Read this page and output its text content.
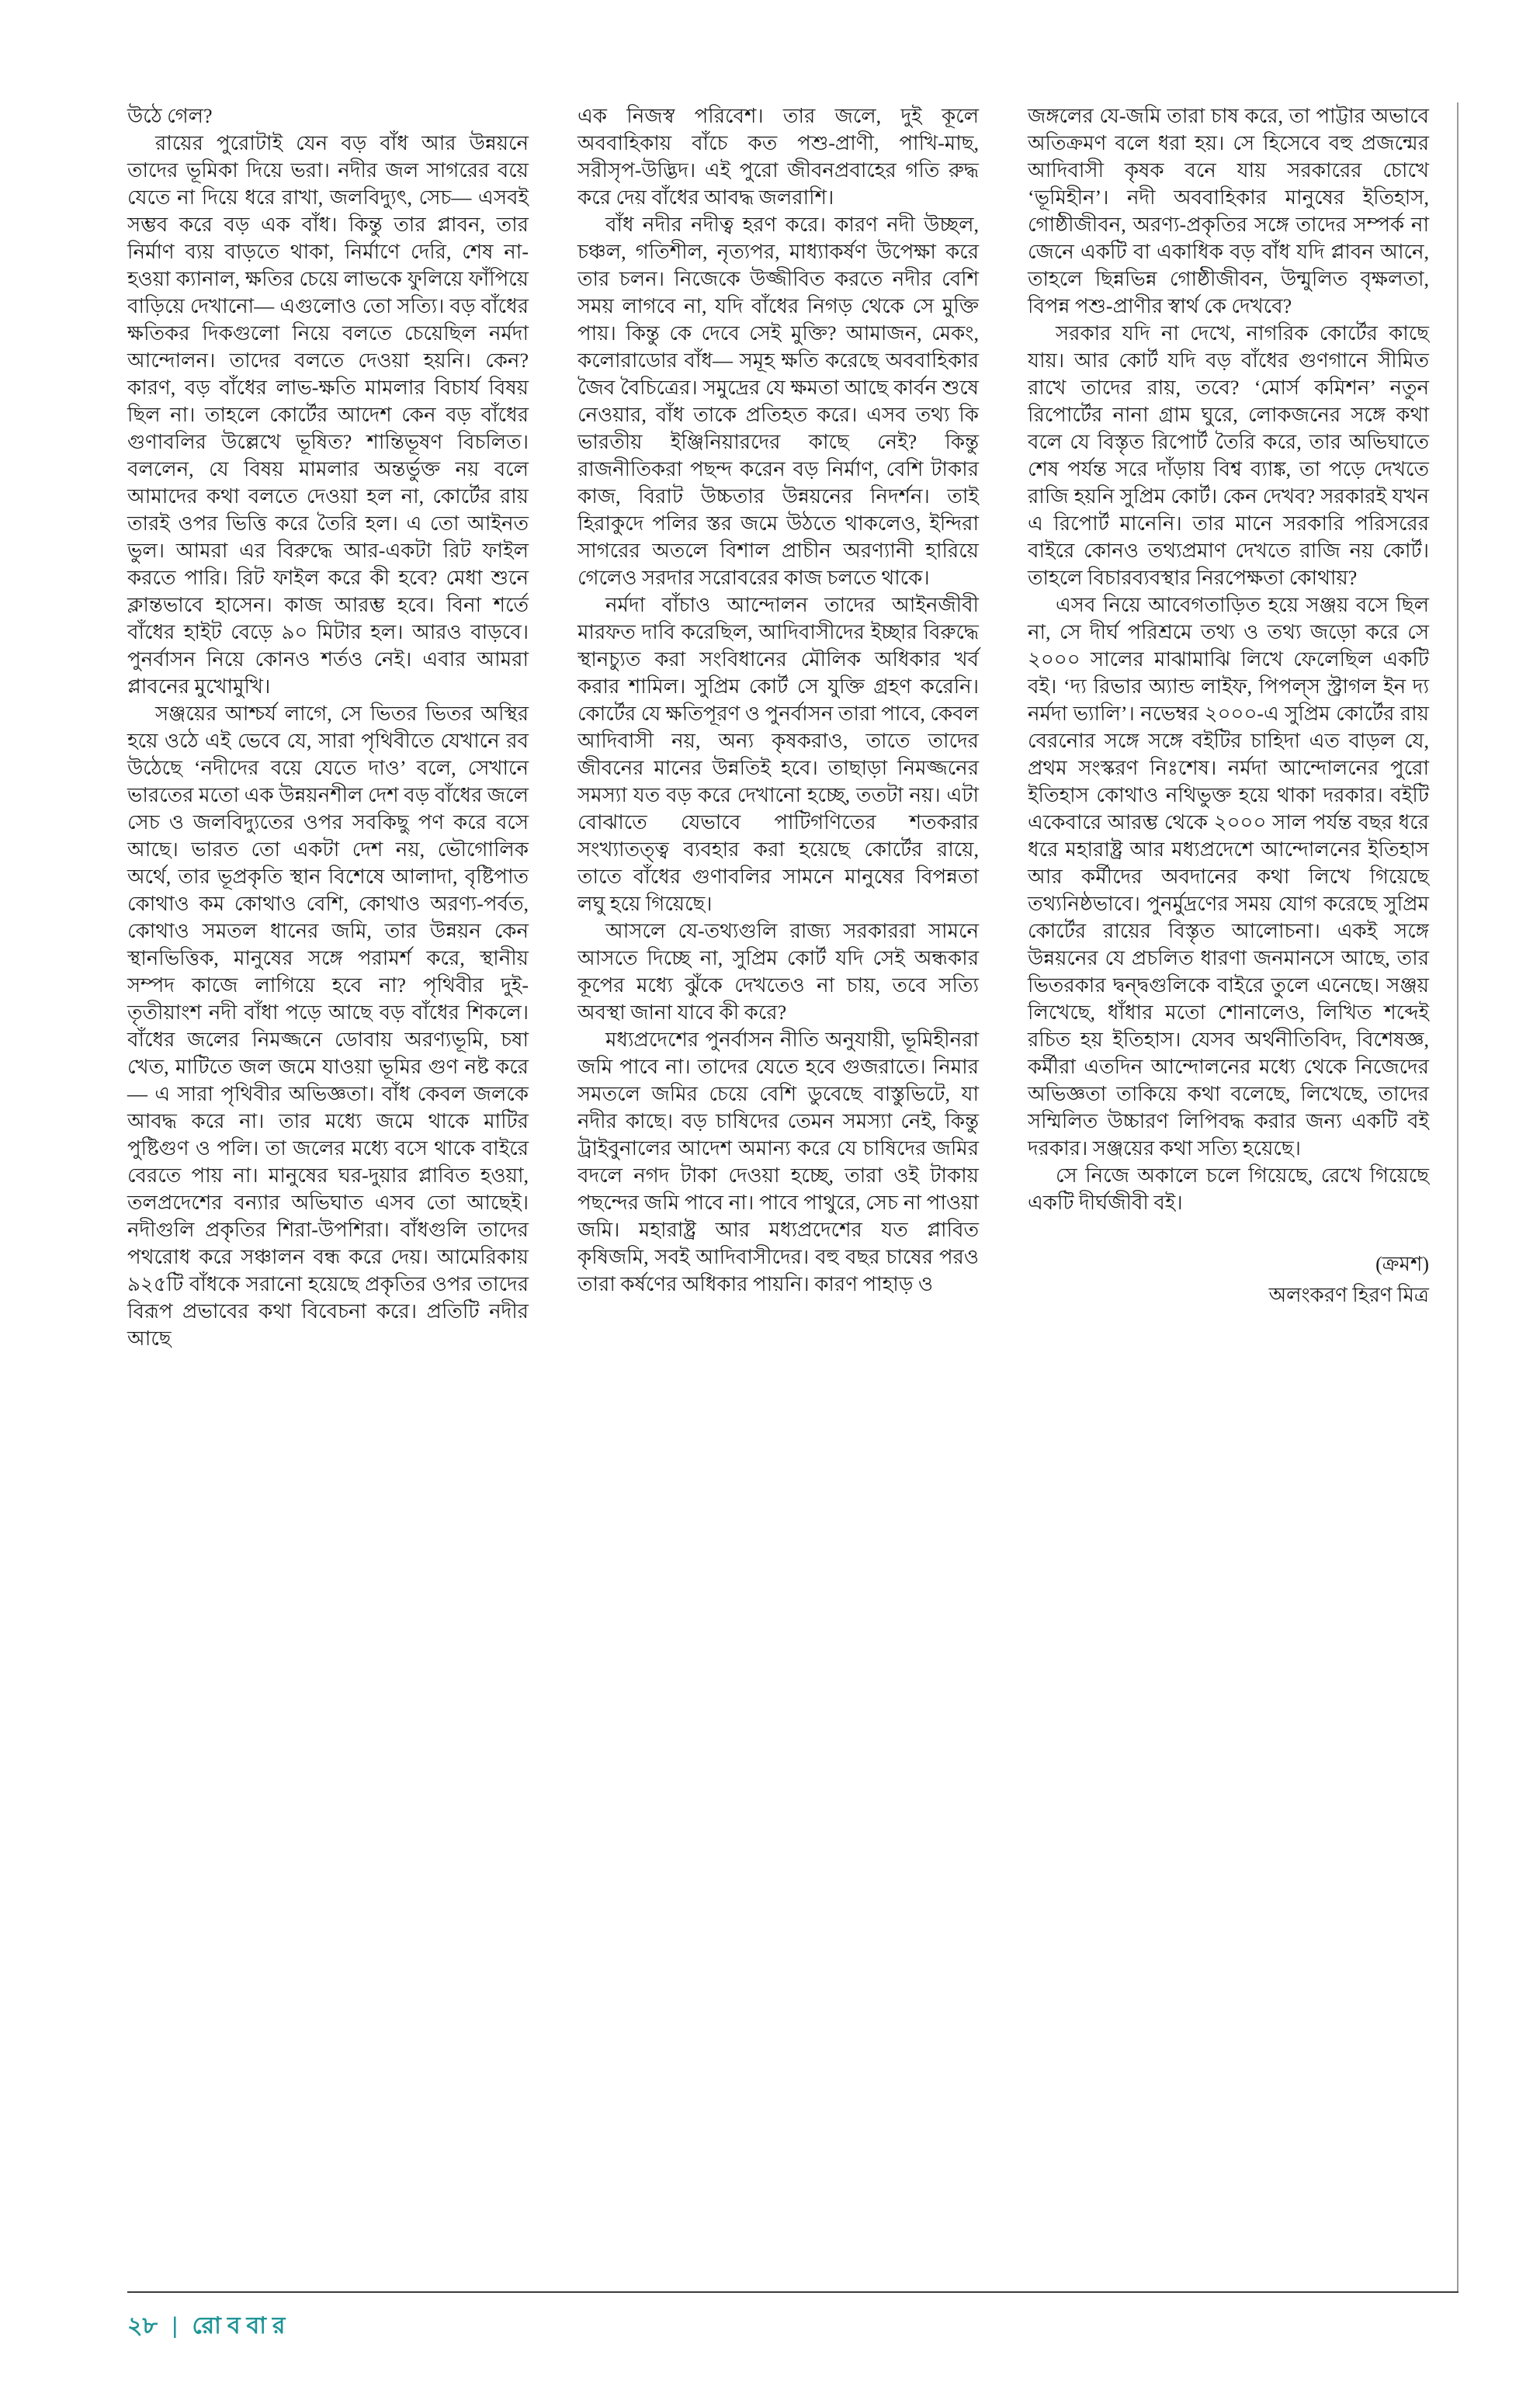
উঠে গেল?

রায়ের পুরোটাই যেন বড় বাঁধ আর উন্নয়নে তাদের ভূমিকা দিয়ে ভরা। নদীর জল সাগরের বয়ে যেতে না দিয়ে ধরে রাখা, জলবিদ্যুৎ, সেচ— এসবই সম্ভব করে বড় এক বাঁধ। কিন্তু তার প্লাবন, তার নির্মাণ ব্যয় বাড়তে থাকা, নির্মাণে দেরি, শেষ না-হওয়া ক্যানাল, ক্ষতির চেয়ে লাভকে ফুলিয়ে ফাঁপিয়ে বাড়িয়ে দেখানো— এগুলোও তো সত্যি। বড় বাঁধের ক্ষতিকর দিকগুলো নিয়ে বলতে চেয়েছিল নর্মদা আন্দোলন। তাদের বলতে দেওয়া হয়নি। কেন? কারণ, বড় বাঁধের লাভ-ক্ষতি মামলার বিচার্য বিষয় ছিল না। তাহলে কোর্টের আদেশ কেন বড় বাঁধের গুণাবলির উল্লেখে ভূষিত? শান্তিভূষণ বিচলিত। বললেন, যে বিষয় মামলার অন্তর্ভুক্ত নয় বলে আমাদের কথা বলতে দেওয়া হল না, কোর্টের রায় তারই ওপর ভিত্তি করে তৈরি হল। এ তো আইনত ভুল। আমরা এর বিরুদ্ধে আর-একটা রিট ফাইল করতে পারি। রিট ফাইল করে কী হবে? মেধা শুনে ক্লান্তভাবে হাসেন। কাজ আরম্ভ হবে। বিনা শর্তে বাঁধের হাইট বেড়ে ৯০ মিটার হল। আরও বাড়বে। পুনর্বাসন নিয়ে কোনও শর্তও নেই। এবার আমরা প্লাবনের মুখোমুখি।

সঞ্জয়ের আশ্চর্য লাগে, সে ভিতর ভিতর অস্থির হয়ে ওঠে এই ভেবে যে, সারা পৃথিবীতে যেখানে রব উঠেছে ‘নদীদের বয়ে যেতে দাও’ বলে, সেখানে ভারতের মতো এক উন্নয়নশীল দেশ বড় বাঁধের জলে সেচ ও জলবিদ্যুতের ওপর সবকিছু পণ করে বসে আছে। ভারত তো একটা দেশ নয়, ভৌগোলিক অর্থে, তার ভূপ্রকৃতি স্থান বিশেষে আলাদা, বৃষ্টিপাত কোথাও কম কোথাও বেশি, কোথাও অরণ্য-পর্বত, কোথাও সমতল ধানের জমি, তার উন্নয়ন কেন স্থানভিত্তিক, মানুষের সঙ্গে পরামর্শ করে, স্থানীয় সম্পদ কাজে লাগিয়ে হবে না? পৃথিবীর দুই-তৃতীয়াংশ নদী বাঁধা পড়ে আছে বড় বাঁধের শিকলে। বাঁধের জলের নিমজ্জনে ডোবায় অরণ্যভূমি, চষা খেত, মাটিতে জল জমে যাওয়া ভূমির গুণ নষ্ট করে— এ সারা পৃথিবীর অভিজ্ঞতা। বাঁধ কেবল জলকে আবদ্ধ করে না। তার মধ্যে জমে থাকে মাটির পুষ্টিগুণ ও পলি। তা জলের মধ্যে বসে থাকে বাইরে বেরতে পায় না। মানুষের ঘর-দুয়ার প্লাবিত হওয়া, তলপ্রদেশের বন্যার অভিঘাত এসব তো আছেই। নদীগুলি প্রকৃতির শিরা-উপশিরা। বাঁধগুলি তাদের পথরোধ করে সঞ্চালন বন্ধ করে দেয়। আমেরিকায় ৯২৫টি বাঁধকে সরানো হয়েছে প্রকৃতির ওপর তাদের বিরূপ প্রভাবের কথা বিবেচনা করে। প্রতিটি নদীর আছে

এক নিজস্ব পরিবেশ। তার জলে, দুই কূলে অববাহিকায় বাঁচে কত পশু-প্রাণী, পাখি-মাছ, সরীসৃপ-উদ্ভিদ। এই পুরো জীবনপ্রবাহের গতি রুদ্ধ করে দেয় বাঁধের আবদ্ধ জলরাশি।

বাঁধ নদীর নদীত্ব হরণ করে। কারণ নদী উচ্ছল, চঞ্চল, গতিশীল, নৃত্যপর, মাধ্যাকর্ষণ উপেক্ষা করে তার চলন। নিজেকে উজ্জীবিত করতে নদীর বেশি সময় লাগবে না, যদি বাঁধের নিগড় থেকে সে মুক্তি পায়। কিন্তু কে দেবে সেই মুক্তি? আমাজন, মেকং, কলোরাডোর বাঁধ— সমূহ ক্ষতি করেছে অববাহিকার জৈব বৈচিত্রের। সমুদ্রের যে ক্ষমতা আছে কার্বন শুষে নেওয়ার, বাঁধ তাকে প্রতিহত করে। এসব তথ্য কি ভারতীয় ইঞ্জিনিয়ারদের কাছে নেই? কিন্তু রাজনীতিকরা পছন্দ করেন বড় নির্মাণ, বেশি টাকার কাজ, বিরাট উচ্চতার উন্নয়নের নিদর্শন। তাই হিরাকুদে পলির স্তর জমে উঠতে থাকলেও, ইন্দিরা সাগরের অতলে বিশাল প্রাচীন অরণ্যানী হারিয়ে গেলেও সরদার সরোবরের কাজ চলতে থাকে।

নর্মদা বাঁচাও আন্দোলন তাদের আইনজীবী মারফত দাবি করেছিল, আদিবাসীদের ইচ্ছার বিরুদ্ধে স্থানচ্যুত করা সংবিধানের মৌলিক অধিকার খর্ব করার শামিল। সুপ্রিম কোর্ট সে যুক্তি গ্রহণ করেনি। কোর্টের যে ক্ষতিপূরণ ও পুনর্বাসন তারা পাবে, কেবল আদিবাসী নয়, অন্য কৃষকরাও, তাতে তাদের জীবনের মানের উন্নতিই হবে। তাছাড়া নিমজ্জনের সমস্যা যত বড় করে দেখানো হচ্ছে, ততটা নয়। এটা বোঝাতে যেভাবে পাটিগণিতের শতকরার সংখ্যাতত্ত্ব ব্যবহার করা হয়েছে কোর্টের রায়ে, তাতে বাঁধের গুণাবলির সামনে মানুষের বিপন্নতা লঘু হয়ে গিয়েছে।

আসলে যে-তথ্যগুলি রাজ্য সরকাররা সামনে আসতে দিচ্ছে না, সুপ্রিম কোর্ট যদি সেই অন্ধকার কূপের মধ্যে ঝুঁকে দেখতেও না চায়, তবে সত্যি অবস্থা জানা যাবে কী করে?

মধ্যপ্রদেশের পুনর্বাসন নীতি অনুযায়ী, ভূমিহীনরা জমি পাবে না। তাদের যেতে হবে গুজরাতে। নিমার সমতলে জমির চেয়ে বেশি ডুবেছে বাস্তুভিটে, যা নদীর কাছে। বড় চাষিদের তেমন সমস্যা নেই, কিন্তু ট্রাইবুনালের আদেশ অমান্য করে যে চাষিদের জমির বদলে নগদ টাকা দেওয়া হচ্ছে, তারা ওই টাকায় পছন্দের জমি পাবে না। পাবে পাথুরে, সেচ না পাওয়া জমি। মহারাষ্ট্র আর মধ্যপ্রদেশের যত প্লাবিত কৃষিজমি, সবই আদিবাসীদের। বহু বছর চাষের পরও তারা কর্ষণের অধিকার পায়নি। কারণ পাহাড় ও

জঙ্গলের যে-জমি তারা চাষ করে, তা পাট্টার অভাবে অতিক্রমণ বলে ধরা হয়। সে হিসেবে বহু প্রজন্মের আদিবাসী কৃষক বনে যায় সরকারের চোখে ‘ভূমিহীন’। নদী অববাহিকার মানুষের ইতিহাস, গোষ্ঠীজীবন, অরণ্য-প্রকৃতির সঙ্গে তাদের সম্পর্ক না জেনে একটি বা একাধিক বড় বাঁধ যদি প্লাবন আনে, তাহলে ছিন্নভিন্ন গোষ্ঠীজীবন, উন্মুলিত বৃক্ষলতা, বিপন্ন পশু-প্রাণীর স্বার্থ কে দেখবে?

সরকার যদি না দেখে, নাগরিক কোর্টের কাছে যায়। আর কোর্ট যদি বড় বাঁধের গুণগানে সীমিত রাখে তাদের রায়, তবে? ‘মোর্স কমিশন’ নতুন রিপোর্টের নানা গ্রাম ঘুরে, লোকজনের সঙ্গে কথা বলে যে বিস্তৃত রিপোর্ট তৈরি করে, তার অভিঘাতে শেষ পর্যন্ত সরে দাঁড়ায় বিশ্ব ব্যাঙ্ক, তা পড়ে দেখতে রাজি হয়নি সুপ্রিম কোর্ট। কেন দেখব? সরকারই যখন এ রিপোর্ট মানেনি। তার মানে সরকারি পরিসরের বাইরে কোনও তথ্যপ্রমাণ দেখতে রাজি নয় কোর্ট। তাহলে বিচারব্যবস্থার নিরপেক্ষতা কোথায়?

এসব নিয়ে আবেগতাড়িত হয়ে সঞ্জয় বসে ছিল না, সে দীর্ঘ পরিশ্রমে তথ্য ও তথ্য জড়ো করে সে ২০০০ সালের মাঝামাঝি লিখে ফেলেছিল একটি বই। ‘দ্য রিভার অ্যান্ড লাইফ, পিপল্স স্ট্রাগল ইন দ্য নর্মদা ভ্যালি’। নভেম্বর ২০০০-এ সুপ্রিম কোর্টের রায় বেরনোর সঙ্গে সঙ্গে বইটির চাহিদা এত বাড়ল যে, প্রথম সংস্করণ নিঃশেষ। নর্মদা আন্দোলনের পুরো ইতিহাস কোথাও নথিভুক্ত হয়ে থাকা দরকার। বইটি একেবারে আরম্ভ থেকে ২০০০ সাল পর্যন্ত বছর ধরে ধরে মহারাষ্ট্র আর মধ্যপ্রদেশে আন্দোলনের ইতিহাস আর কর্মীদের অবদানের কথা লিখে গিয়েছে তথ্যনিষ্ঠভাবে। পুনর্মুদ্রণের সময় যোগ করেছে সুপ্রিম কোর্টের রায়ের বিস্তৃত আলোচনা। একই সঙ্গে উন্নয়নের যে প্রচলিত ধারণা জনমানসে আছে, তার ভিতরকার দ্বন্দ্বগুলিকে বাইরে তুলে এনেছে। সঞ্জয় লিখেছে, ধাঁধার মতো শোনালেও, লিখিত শব্দেই রচিত হয় ইতিহাস। যেসব অর্থনীতিবিদ, বিশেষজ্ঞ, কর্মীরা এতদিন আন্দোলনের মধ্যে থেকে নিজেদের অভিজ্ঞতা তাকিয়ে কথা বলেছে, লিখেছে, তাদের সম্মিলিত উচ্চারণ লিপিবদ্ধ করার জন্য একটি বই দরকার। সঞ্জয়ের কথা সত্যি হয়েছে।

সে নিজে অকালে চলে গিয়েছে, রেখে গিয়েছে একটি দীর্ঘজীবী বই।

(ক্রমশ)
অলংকরণ হিরণ মিত্র
২৮ | রোববার
